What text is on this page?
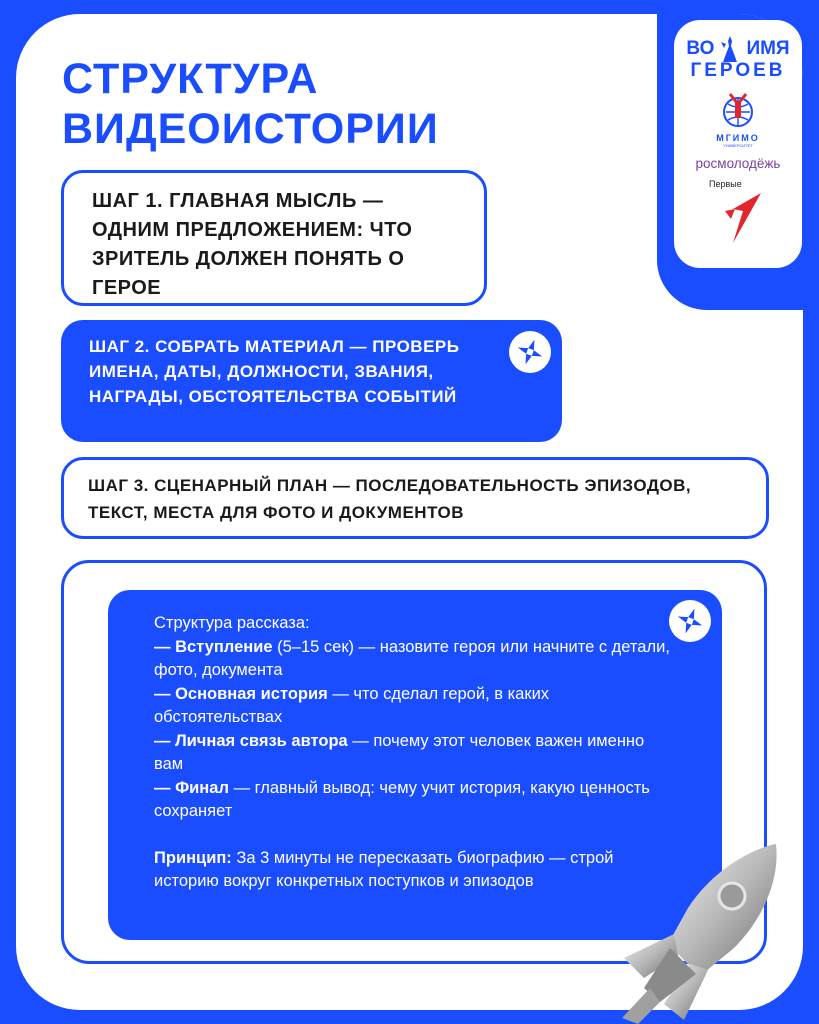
ВО ИМЯ
ГЕРОЕВ
МГИМО
УНИВЕРСИТЕТ
росмолодёжь
Первые
СТРУКТУРА
ВИДЕОИСТОРИИ
ШАГ 1. ГЛАВНАЯ МЫСЛЬ — ОДНИМ ПРЕДЛОЖЕНИЕМ: ЧТО ЗРИТЕЛЬ ДОЛЖЕН ПОНЯТЬ О ГЕРОЕ
ШАГ 2. СОБРАТЬ МАТЕРИАЛ — ПРОВЕРЬ ИМЕНА, ДАТЫ, ДОЛЖНОСТИ, ЗВАНИЯ, НАГРАДЫ, ОБСТОЯТЕЛЬСТВА СОБЫТИЙ
ШАГ 3. СЦЕНАРНЫЙ ПЛАН — ПОСЛЕДОВАТЕЛЬНОСТЬ ЭПИЗОДОВ, ТЕКСТ, МЕСТА ДЛЯ ФОТО И ДОКУМЕНТОВ

Структура рассказа:

— Вступление (5–15 сек) — назовите героя или начните с детали, фото, документа

— Основная история — что сделал герой, в каких обстоятельствах

— Личная связь автора — почему этот человек важен именно вам

— Финал — главный вывод: чему учит история, какую ценность сохраняет

Принцип: За 3 минуты не пересказать биографию — строй историю вокруг конкретных поступков и эпизодов
